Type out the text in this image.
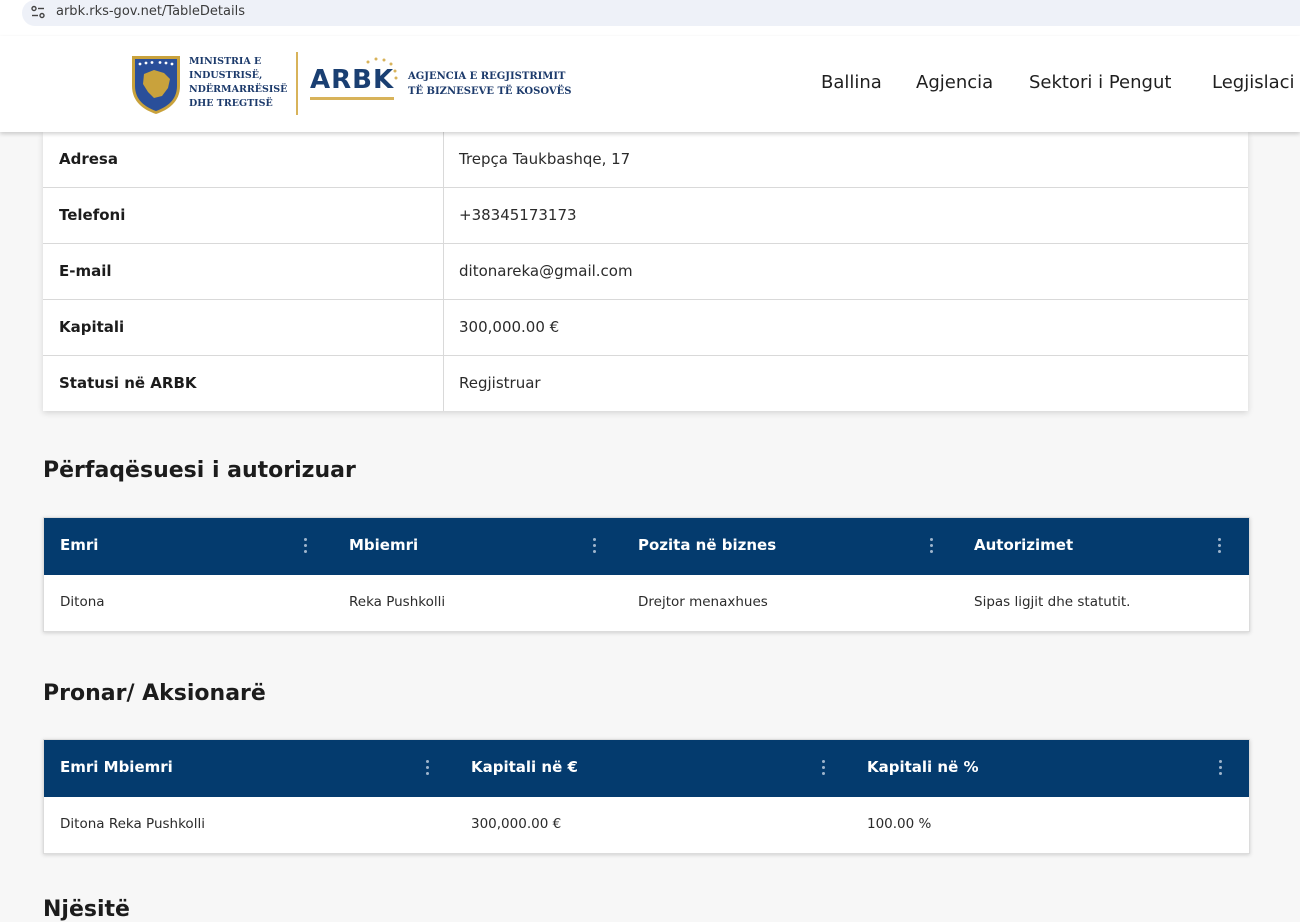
arbk.rks-gov.net/TableDetails
MINISTRIA E
INDUSTRISË,
NDËRMARRËSISË
DHE TREGTISË
ARBK AGJENCIA E REGJISTRIMIT
TË BIZNESEVE TË KOSOVËS	Ballina Agjencia Sektori i Pengut Legjislaci
Adresa	Trepça Taukbashqe, 17
Telefoni	+38345173173
E-mail	ditonareka@gmail.com
Kapitali	300,000.00 €
Statusi në ARBK	Regjistruar
Përfaqësuesi i autorizuar
Emri	Mbiemri	Pozita në biznes	Autorizimet
Ditona	Reka Pushkolli	Drejtor menaxhues	Sipas ligjit dhe statutit.
Pronar/ Aksionarë
Emri Mbiemri	Kapitali në €	Kapitali në %
Ditona Reka Pushkolli	300,000.00 €	100.00 %
Njësitë
